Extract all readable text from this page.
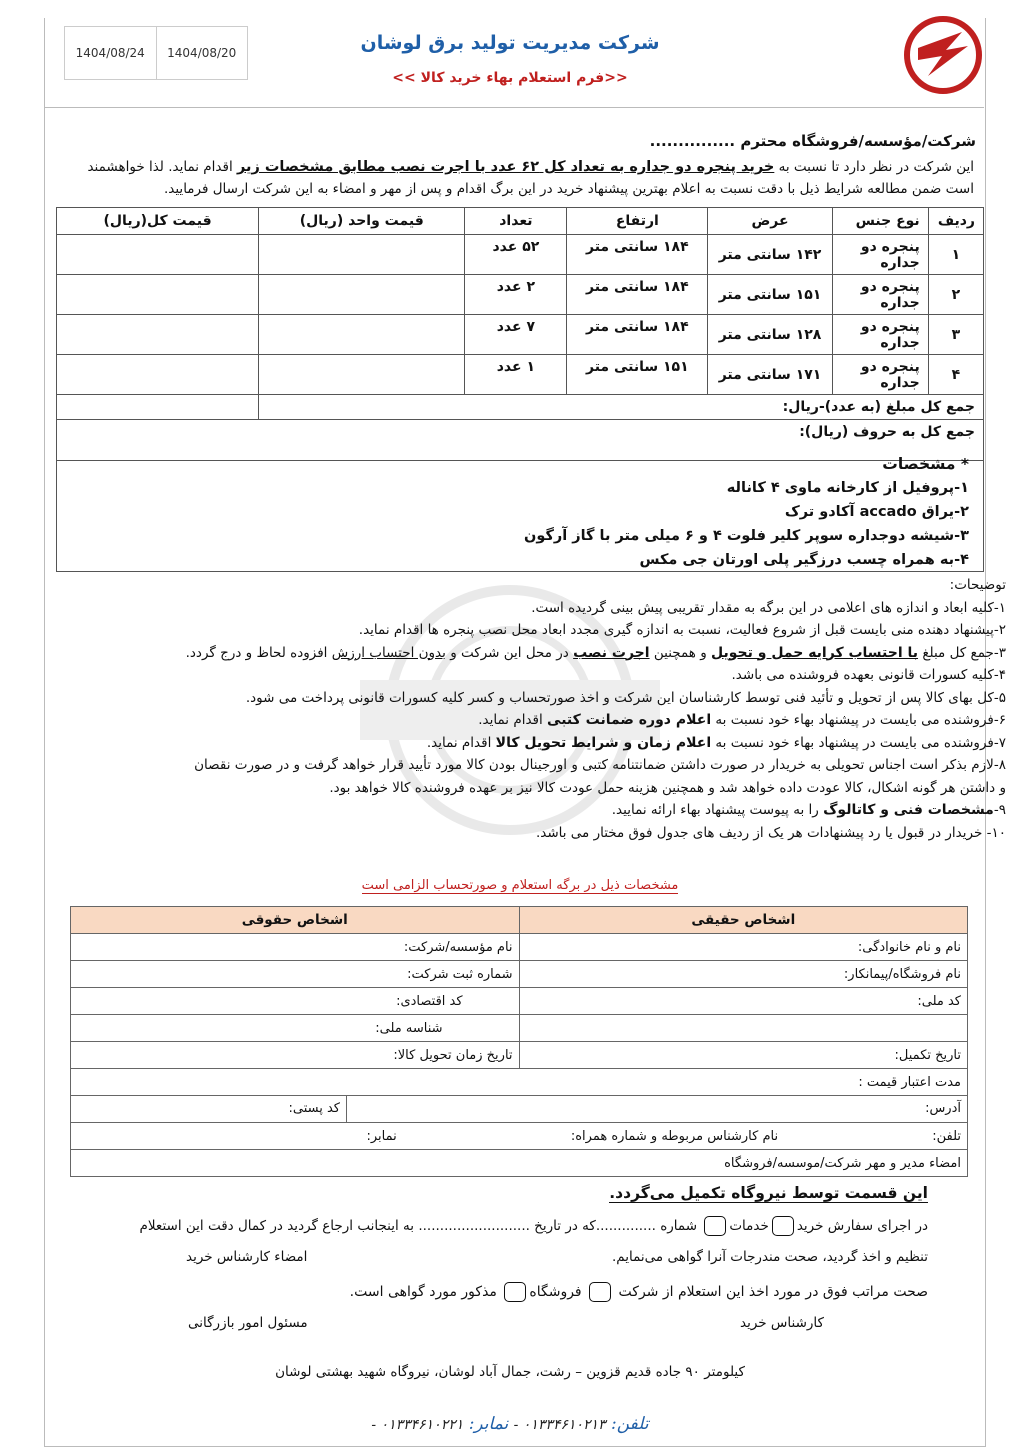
1404/08/24	1404/08/20	شرکت مدیریت تولید برق لوشان
<<فرم استعلام بهاء خرید کالا >>
شرکت/مؤسسه/فروشگاه محترم ...............
این شرکت در نظر دارد تا نسبت به خرید پنجره دو جداره به تعداد کل ۶۲ عدد با اجرت نصب مطابق مشخصات زیر اقدام نماید. لذا خواهشمند
است ضمن مطالعه شرایط ذیل با دقت نسبت به اعلام بهترین پیشنهاد خرید در این برگ اقدام و پس از مهر و امضاء به این شرکت ارسال فرمایید.
ردیف	نوع جنس	عرض	ارتفاع	تعداد	قیمت واحد (ریال)	قیمت کل(ریال)
۱	پنجره دو جداره	۱۴۲ سانتی متر	۱۸۴ سانتی متر	۵۲ عدد		
۲	پنجره دو جداره	۱۵۱ سانتی متر	۱۸۴ سانتی متر	۲ عدد		
۳	پنجره دو جداره	۱۲۸ سانتی متر	۱۸۴ سانتی متر	۷ عدد		
۴	پنجره دو جداره	۱۷۱ سانتی متر	۱۵۱ سانتی متر	۱ عدد		
جمع کل مبلغ (به عدد)-ریال:						
جمع کل به حروف (ریال):						
* مشخصات
۱-پروفیل از کارخانه ماوی ۴ کاناله
۲-یراق accado آکادو ترک
۳-شیشه دوجداره سوپر کلیر فلوت ۴ و ۶ میلی متر با گاز آرگون
۴-به همراه چسب درزگیر پلی اورتان جی مکس
توضیحات:
۱-کلیه ابعاد و اندازه های اعلامی در این برگه به مقدار تقریبی پیش بینی گردیده است.
۲-پیشنهاد دهنده منی بایست قبل از شروع فعالیت، نسبت به اندازه گیری مجدد ابعاد محل نصب پنجره ها اقدام نماید.
۳-جمع کل مبلغ با احتساب کرایه حمل و تحویل و همچنین اجرت نصب در محل این شرکت و بدون احتساب ارزش افزوده لحاظ و درج گردد.
۴-کلیه کسورات قانونی بعهده فروشنده می باشد.
۵-کل بهای کالا پس از تحویل و تأئید فنی توسط کارشناسان این شرکت و اخذ صورتحساب و کسر کلیه کسورات قانونی پرداخت می شود.
۶-فروشنده می بایست در پیشنهاد بهاء خود نسبت به اعلام دوره ضمانت کتبی اقدام نماید.
۷-فروشنده می بایست در پیشنهاد بهاء خود نسبت به اعلام زمان و شرایط تحویل کالا اقدام نماید.
۸-لازم بذکر است اجناس تحویلی به خریدار در صورت داشتن ضمانتنامه کتبی و اورجینال بودن کالا مورد تأیید قرار خواهد گرفت و در صورت نقصان
و داشتن هر گونه اشکال، کالا عودت داده خواهد شد و همچنین هزینه حمل عودت کالا نیز بر عهده فروشنده کالا خواهد بود.
۹-مشخصات فنی و کاتالوگ را به پیوست پیشنهاد بهاء ارائه نمایید.
۱۰- خریدار در قبول یا رد پیشنهادات هر یک از ردیف های جدول فوق مختار می باشد.
مشخصات ذیل در برگه استعلام و صورتحساب الزامی است
اشخاص حقیقی	اشخاص حقوقی
نام و نام خانوادگی:	نام مؤسسه/شرکت:
نام فروشگاه/پیمانکار:	شماره ثبت شرکت:
کد ملی:	کد اقتصادی:
	شناسه ملی:
تاریخ تکمیل:	تاریخ زمان تحویل کالا:
مدت اعتبار قیمت :	

آدرس:
کد پستی:	

تلفن: نام کارشناس مربوطه و شماره همراه: نمابر:	
امضاء مدیر و مهر شرکت/موسسه/فروشگاه	
این قسمت توسط نیروگاه تکمیل می‌گردد.
در اجرای سفارش خریدخدمات شماره ..............که در تاریخ .......................... به اینجانب ارجاع گردید در کمال دقت این استعلام
تنظیم و اخذ گردید، صحت مندرجات آنرا گواهی می‌نمایم.
امضاء کارشناس خرید
صحت مراتب فوق در مورد اخذ این استعلام از شرکت  فروشگاه مذکور مورد گواهی است.
کارشناس خرید
مسئول امور بازرگانی
کیلومتر ۹۰ جاده قدیم قزوین – رشت، جمال آباد لوشان، نیروگاه شهید بهشتی لوشان
تلفن: ۰۱۳۳۴۶۱۰۲۱۳ - نمابر: ۰۱۳۳۴۶۱۰۲۲۱ -
